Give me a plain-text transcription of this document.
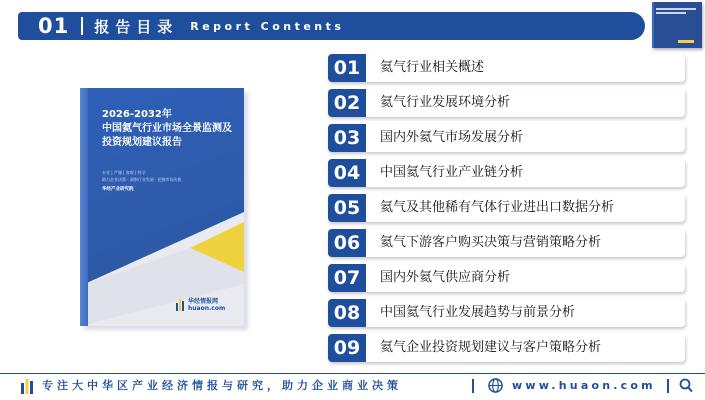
01 报告目录 Report Contents
2026-2032年
中国氦气行业市场全景监测及
投资规划建议报告
专业 | 严谨 | 客观 | 科学
助力企业决策 · 洞察行业发展 · 把握市场先机
华经产业研究院
华经情报网
huaon.com
01	氦气行业相关概述
02	氦气行业发展环境分析
03	国内外氦气市场发展分析
04	中国氦气行业产业链分析
05	氦气及其他稀有气体行业进出口数据分析
06	氦气下游客户购买决策与营销策略分析
07	国内外氦气供应商分析
08	中国氦气行业发展趋势与前景分析
09	氦气企业投资规划建议与客户策略分析
专注大中华区产业经济情报与研究，助力企业商业决策	www.huaon.com
